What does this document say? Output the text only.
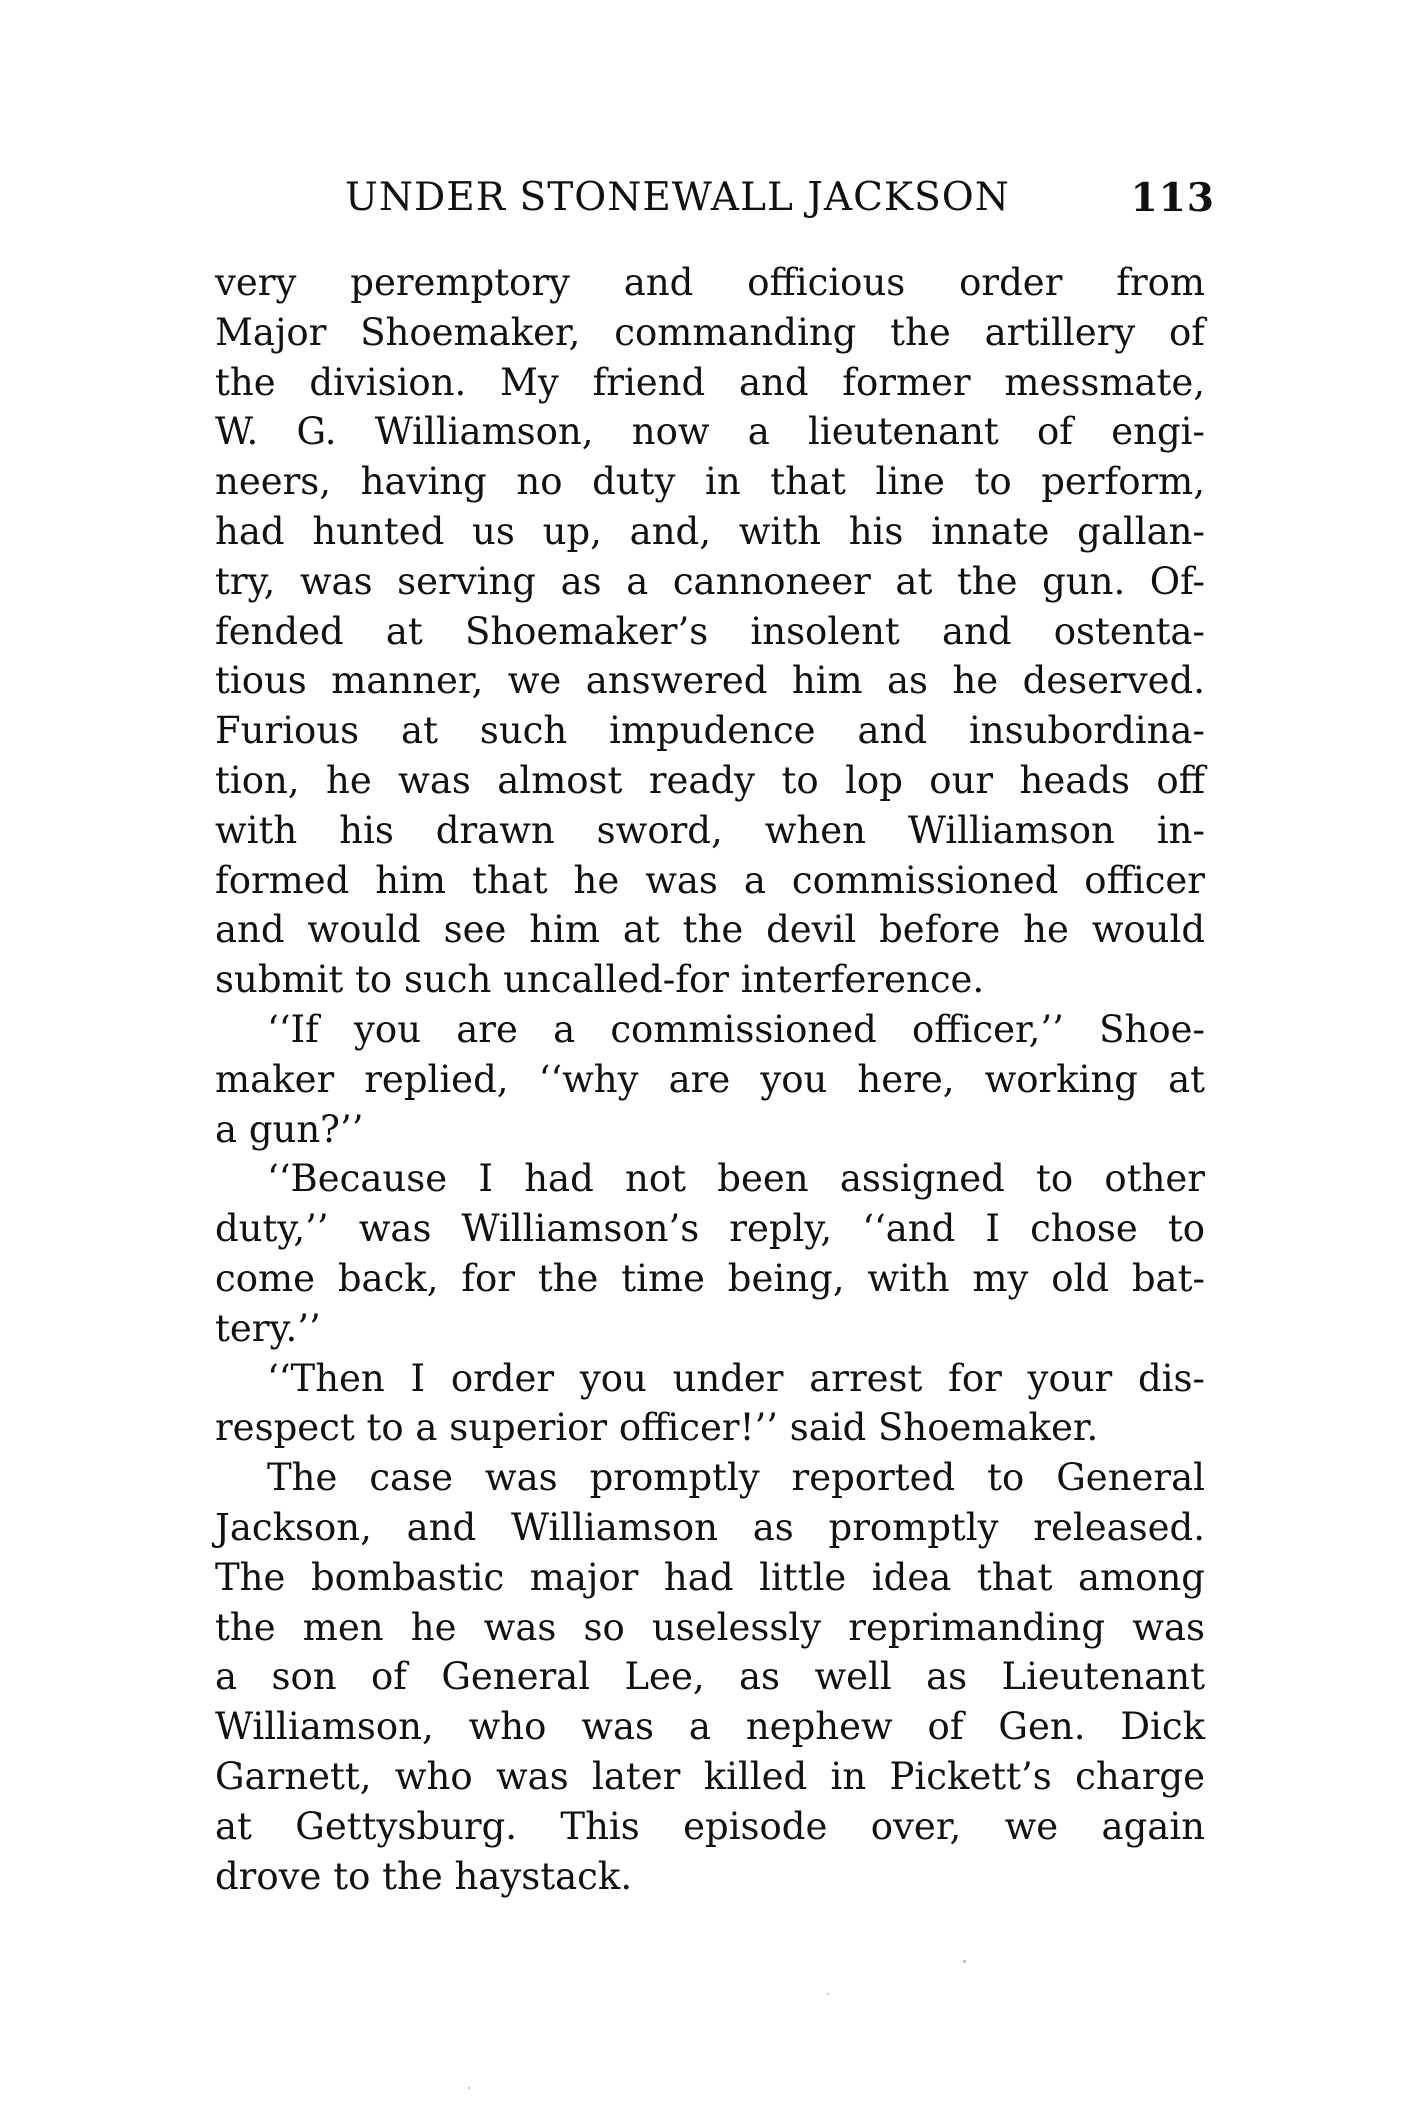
UNDER STONEWALL JACKSON	113
very peremptory and officious order from
Major Shoemaker, commanding the artillery of
the division. My friend and former messmate,
W. G. Williamson, now a lieutenant of engi-
neers, having no duty in that line to perform,
had hunted us up, and, with his innate gallan-
try, was serving as a cannoneer at the gun. Of-
fended at Shoemaker’s insolent and ostenta-
tious manner, we answered him as he deserved.
Furious at such impudence and insubordina-
tion, he was almost ready to lop our heads off
with his drawn sword, when Williamson in-
formed him that he was a commissioned officer
and would see him at the devil before he would
submit to such uncalled-for interference.
‘‘If you are a commissioned officer,’’ Shoe-
maker replied, ‘‘why are you here, working at
a gun?’’
‘‘Because I had not been assigned to other
duty,’’ was Williamson’s reply, ‘‘and I chose to
come back, for the time being, with my old bat-
tery.’’
‘‘Then I order you under arrest for your dis-
respect to a superior officer!’’ said Shoemaker.
The case was promptly reported to General
Jackson, and Williamson as promptly released.
The bombastic major had little idea that among
the men he was so uselessly reprimanding was
a son of General Lee, as well as Lieutenant
Williamson, who was a nephew of Gen. Dick
Garnett, who was later killed in Pickett’s charge
at Gettysburg. This episode over, we again
drove to the haystack.
